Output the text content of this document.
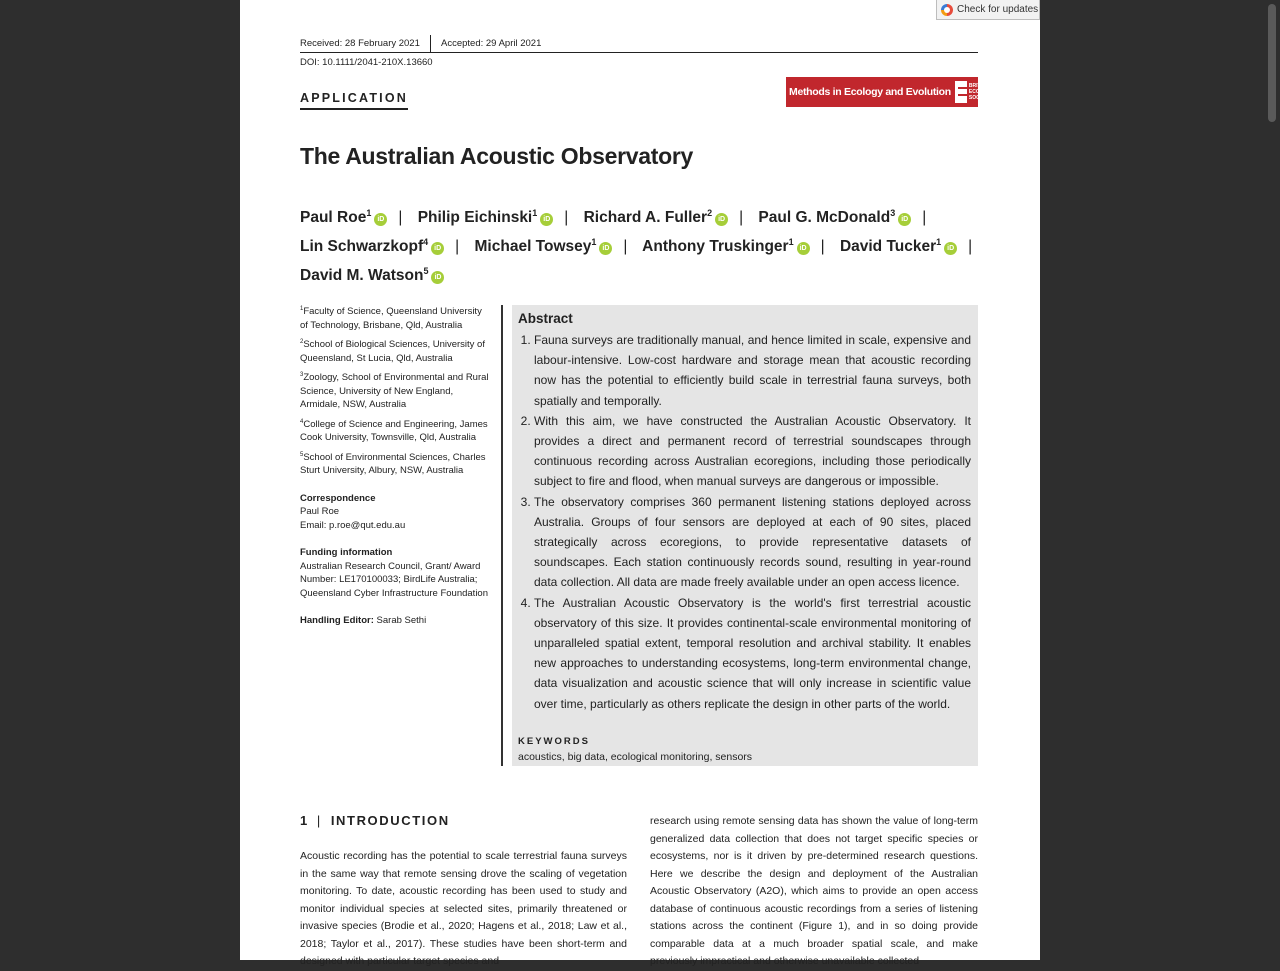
Received: 28 February 2021 Accepted: 29 April 2021
DOI: 10.1111/2041-210X.13660
APPLICATION	Methods in Ecology and Evolution	BRITISH
ECOLOGICAL
SOCIETY
The Australian Acoustic Observatory
Paul Roe$^1$iD | Philip Eichinski$^1$iD | Richard A. Fuller$^2$iD | Paul G. McDonald$^3$iD |
Lin Schwarzkopf$^4$iD | Michael Towsey$^1$iD | Anthony Truskinger$^1$iD | David Tucker$^1$iD |
David M. Watson$^5$iD
$^1$Faculty of Science, Queensland University of Technology, Brisbane, Qld, Australia
$^2$School of Biological Sciences, University of Queensland, St Lucia, Qld, Australia
$^3$Zoology, School of Environmental and Rural Science, University of New England, Armidale, NSW, Australia
$^4$College of Science and Engineering, James Cook University, Townsville, Qld, Australia
$^5$School of Environmental Sciences, Charles Sturt University, Albury, NSW, Australia
Correspondence
Paul Roe
Email: p.roe@qut.edu.au
Funding information
Australian Research Council, Grant/ Award Number: LE170100033; BirdLife Australia; Queensland Cyber Infrastructure Foundation
Handling Editor: Sarab Sethi
Abstract
1. Fauna surveys are traditionally manual, and hence limited in scale, expensive and labour-intensive. Low-cost hardware and storage mean that acoustic recording now has the potential to efficiently build scale in terrestrial fauna surveys, both spatially and temporally.
2. With this aim, we have constructed the Australian Acoustic Observatory. It provides a direct and permanent record of terrestrial soundscapes through continuous recording across Australian ecoregions, including those periodically subject to fire and flood, when manual surveys are dangerous or impossible.
3. The observatory comprises 360 permanent listening stations deployed across Australia. Groups of four sensors are deployed at each of 90 sites, placed strategically across ecoregions, to provide representative datasets of soundscapes. Each station continuously records sound, resulting in year-round data collection. All data are made freely available under an open access licence.
4. The Australian Acoustic Observatory is the world's first terrestrial acoustic observatory of this size. It provides continental-scale environmental monitoring of unparalleled spatial extent, temporal resolution and archival stability. It enables new approaches to understanding ecosystems, long-term environmental change, data visualization and acoustic science that will only increase in scientific value over time, particularly as others replicate the design in other parts of the world.
KEYWORDS
acoustics, big data, ecological monitoring, sensors
1 | INTRODUCTION
Acoustic recording has the potential to scale terrestrial fauna surveys in the same way that remote sensing drove the scaling of vegetation monitoring. To date, acoustic recording has been used to study and monitor individual species at selected sites, primarily threatened or invasive species (Brodie et al., 2020; Hagens et al., 2018; Law et al., 2018; Taylor et al., 2017). These studies have been short-term and designed with particular target species and
research using remote sensing data has shown the value of long-term generalized data collection that does not target specific species or ecosystems, nor is it driven by pre-determined research questions. Here we describe the design and deployment of the Australian Acoustic Observatory (A2O), which aims to provide an open access database of continuous acoustic recordings from a series of listening stations across the continent (Figure 1), and in so doing provide comparable data at a much broader spatial scale, and make previously impractical and otherwise unavailable collected
Check for updates
